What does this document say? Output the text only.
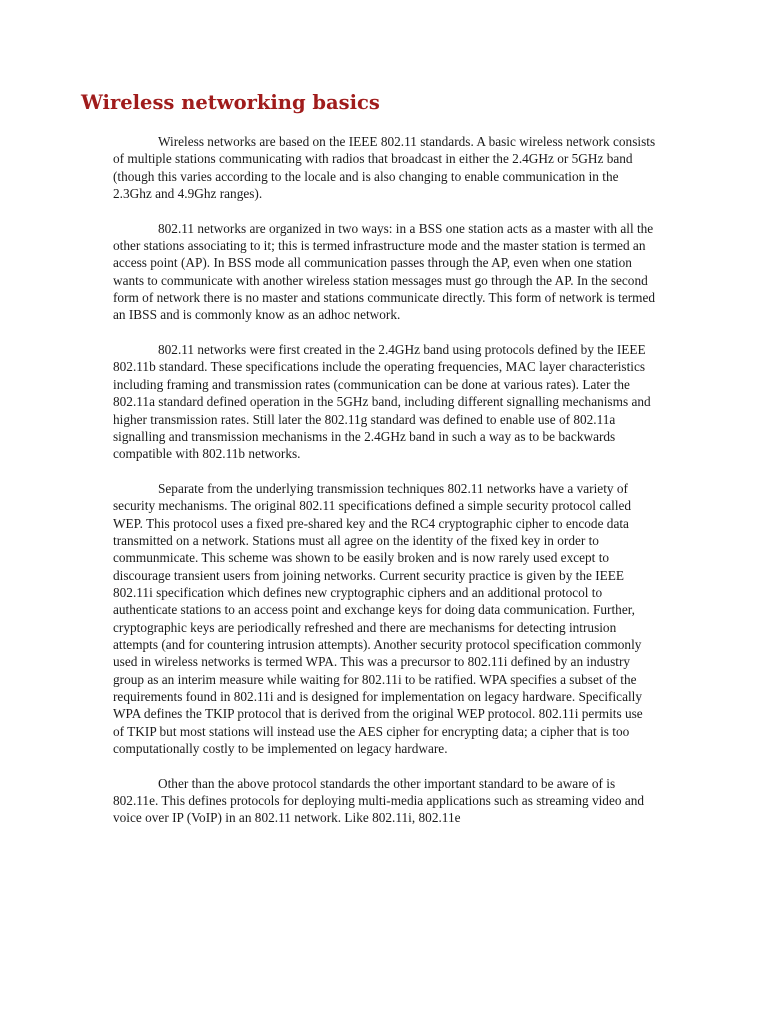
Wireless networking basics

Wireless networks are based on the IEEE 802.11 standards. A basic wireless network consists of multiple stations communicating with radios that broadcast in either the 2.4GHz or 5GHz band (though this varies according to the locale and is also changing to enable communication in the 2.3Ghz and 4.9Ghz ranges).

802.11 networks are organized in two ways: in a BSS one station acts as a master with all the other stations associating to it; this is termed infrastructure mode and the master station is termed an access point (AP). In BSS mode all communication passes through the AP, even when one station wants to communicate with another wireless station messages must go through the AP. In the second form of network there is no master and stations communicate directly. This form of network is termed an IBSS and is commonly know as an adhoc network.

802.11 networks were first created in the 2.4GHz band using protocols defined by the IEEE 802.11b standard. These specifications include the operating frequencies, MAC layer characteristics including framing and transmission rates (communication can be done at various rates). Later the 802.11a standard defined operation in the 5GHz band, including different signalling mechanisms and higher transmission rates. Still later the 802.11g standard was defined to enable use of 802.11a signalling and transmission mechanisms in the 2.4GHz band in such a way as to be backwards compatible with 802.11b networks.

Separate from the underlying transmission techniques 802.11 networks have a variety of security mechanisms. The original 802.11 specifications defined a simple security protocol called WEP. This protocol uses a fixed pre-shared key and the RC4 cryptographic cipher to encode data transmitted on a network. Stations must all agree on the identity of the fixed key in order to communmicate. This scheme was shown to be easily broken and is now rarely used except to discourage transient users from joining networks. Current security practice is given by the IEEE 802.11i specification which defines new cryptographic ciphers and an additional protocol to authenticate stations to an access point and exchange keys for doing data communication. Further, cryptographic keys are periodically refreshed and there are mechanisms for detecting intrusion attempts (and for countering intrusion attempts). Another security protocol specification commonly used in wireless networks is termed WPA. This was a precursor to 802.11i defined by an industry group as an interim measure while waiting for 802.11i to be ratified. WPA specifies a subset of the requirements found in 802.11i and is designed for implementation on legacy hardware. Specifically WPA defines the TKIP protocol that is derived from the original WEP protocol. 802.11i permits use of TKIP but most stations will instead use the AES cipher for encrypting data; a cipher that is too computationally costly to be implemented on legacy hardware.

Other than the above protocol standards the other important standard to be aware of is 802.11e. This defines protocols for deploying multi-media applications such as streaming video and voice over IP (VoIP) in an 802.11 network. Like 802.11i, 802.11e
